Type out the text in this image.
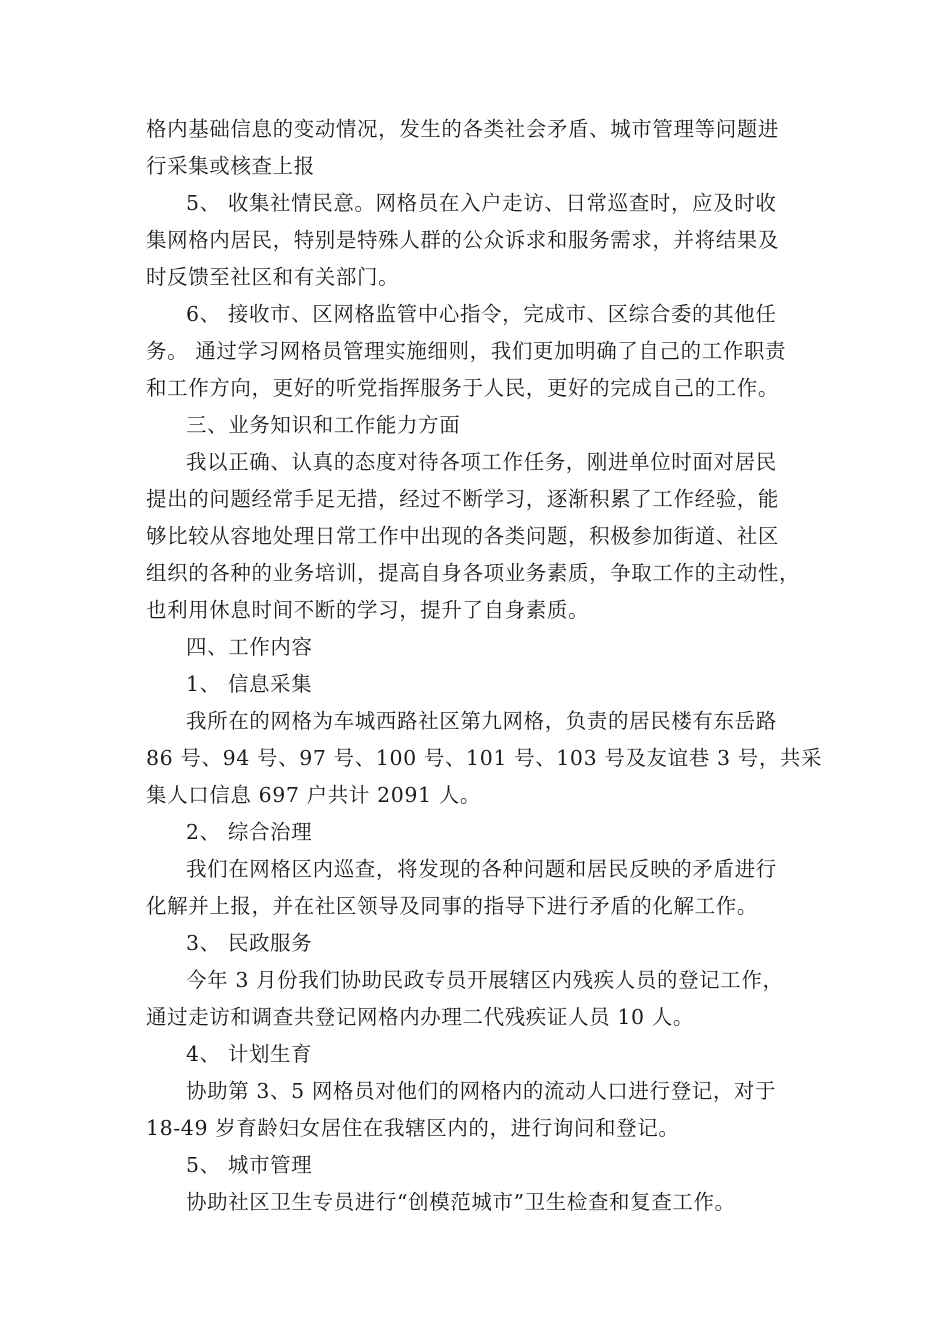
格内基础信息的变动情况，发生的各类社会矛盾、城市管理等问题进
行采集或核查上报
5、 收集社情民意。网格员在入户走访、日常巡查时，应及时收
集网格内居民，特别是特殊人群的公众诉求和服务需求，并将结果及
时反馈至社区和有关部门。
6、 接收市、区网格监管中心指令，完成市、区综合委的其他任
务。 通过学习网格员管理实施细则，我们更加明确了自己的工作职责
和工作方向，更好的听党指挥服务于人民，更好的完成自己的工作。
三、业务知识和工作能力方面
我以正确、认真的态度对待各项工作任务，刚进单位时面对居民
提出的问题经常手足无措，经过不断学习，逐渐积累了工作经验，能
够比较从容地处理日常工作中出现的各类问题，积极参加街道、社区
组织的各种的业务培训，提高自身各项业务素质，争取工作的主动性，
也利用休息时间不断的学习，提升了自身素质。
四、工作内容
1、 信息采集
我所在的网格为车城西路社区第九网格，负责的居民楼有东岳路
86 号、94 号、97 号、100 号、101 号、103 号及友谊巷 3 号，共采
集人口信息 697 户共计 2091 人。
2、 综合治理
我们在网格区内巡查，将发现的各种问题和居民反映的矛盾进行
化解并上报，并在社区领导及同事的指导下进行矛盾的化解工作。
3、 民政服务
今年 3 月份我们协助民政专员开展辖区内残疾人员的登记工作，
通过走访和调查共登记网格内办理二代残疾证人员 10 人。
4、 计划生育
协助第 3、5 网格员对他们的网格内的流动人口进行登记，对于
18-49 岁育龄妇女居住在我辖区内的，进行询问和登记。
5、 城市管理
协助社区卫生专员进行“创模范城市”卫生检查和复查工作。
